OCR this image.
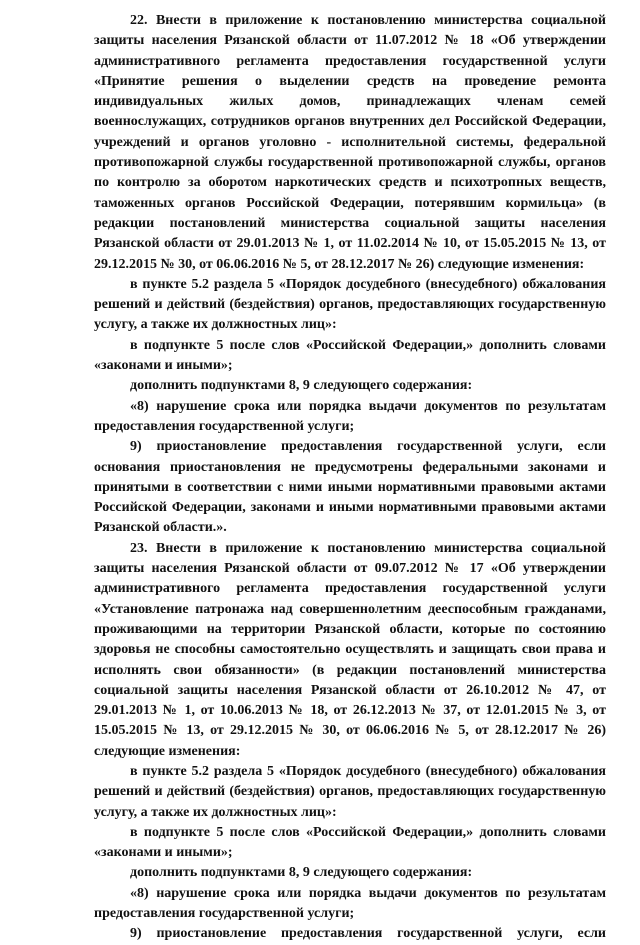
22. Внести в приложение к постановлению министерства социальной защиты населения Рязанской области от 11.07.2012 № 18 «Об утверждении административного регламента предоставления государственной услуги «Принятие решения о выделении средств на проведение ремонта индивидуальных жилых домов, принадлежащих членам семей военнослужащих, сотрудников органов внутренних дел Российской Федерации, учреждений и органов уголовно - исполнительной системы, федеральной противопожарной службы государственной противопожарной службы, органов по контролю за оборотом наркотических средств и психотропных веществ, таможенных органов Российской Федерации, потерявшим кормильца» (в редакции постановлений министерства социальной защиты населения Рязанской области от 29.01.2013 № 1, от 11.02.2014 № 10, от 15.05.2015 № 13, от 29.12.2015 № 30, от 06.06.2016 № 5, от 28.12.2017 № 26) следующие изменения:

в пункте 5.2 раздела 5 «Порядок досудебного (внесудебного) обжалования решений и действий (бездействия) органов, предоставляющих государственную услугу, а также их должностных лиц»:

в подпункте 5 после слов «Российской Федерации,» дополнить словами «законами и иными»;

дополнить подпунктами 8, 9 следующего содержания:

«8) нарушение срока или порядка выдачи документов по результатам предоставления государственной услуги;

9) приостановление предоставления государственной услуги, если основания приостановления не предусмотрены федеральными законами и принятыми в соответствии с ними иными нормативными правовыми актами Российской Федерации, законами и иными нормативными правовыми актами Рязанской области.».

23. Внести в приложение к постановлению министерства социальной защиты населения Рязанской области от 09.07.2012 № 17 «Об утверждении административного регламента предоставления государственной услуги «Установление патронажа над совершеннолетним дееспособным гражданами, проживающими на территории Рязанской области, которые по состоянию здоровья не способны самостоятельно осуществлять и защищать свои права и исполнять свои обязанности» (в редакции постановлений министерства социальной защиты населения Рязанской области от 26.10.2012 № 47, от 29.01.2013 № 1, от 10.06.2013 № 18, от 26.12.2013 № 37, от 12.01.2015 № 3, от 15.05.2015 № 13, от 29.12.2015 № 30, от 06.06.2016 № 5, от 28.12.2017 № 26) следующие изменения:

в пункте 5.2 раздела 5 «Порядок досудебного (внесудебного) обжалования решений и действий (бездействия) органов, предоставляющих государственную услугу, а также их должностных лиц»:

в подпункте 5 после слов «Российской Федерации,» дополнить словами «законами и иными»;

дополнить подпунктами 8, 9 следующего содержания:

«8) нарушение срока или порядка выдачи документов по результатам предоставления государственной услуги;

9) приостановление предоставления государственной услуги, если
